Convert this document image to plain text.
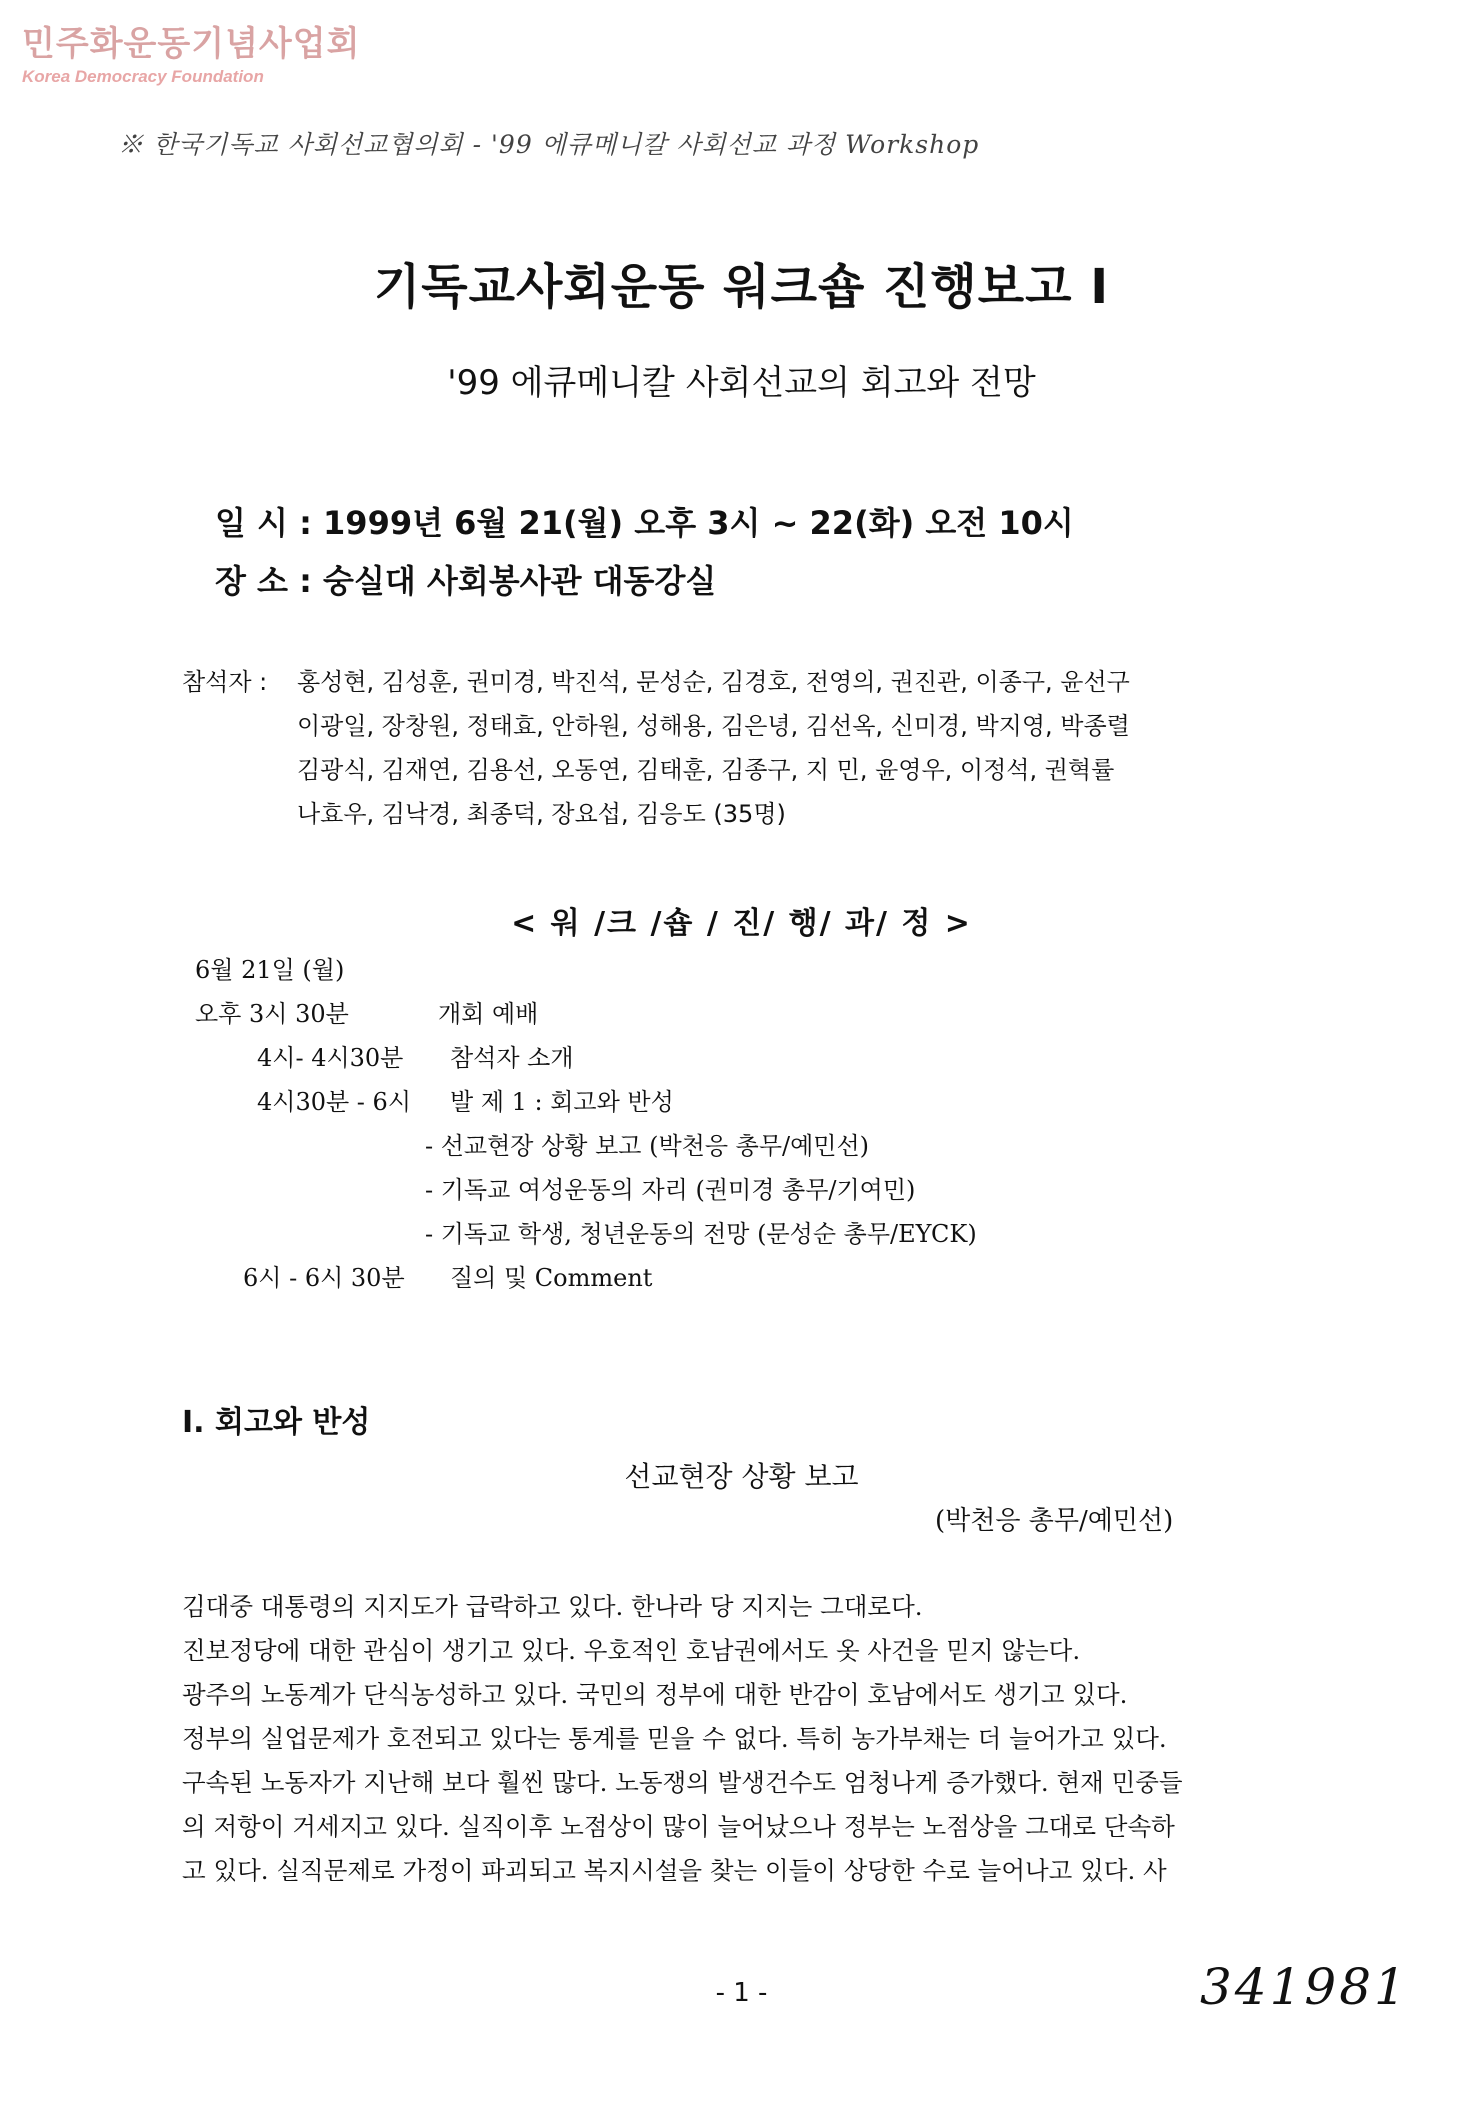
민주화운동기념사업회
Korea Democracy Foundation
※ 한국기독교 사회선교협의회 - '99 에큐메니칼 사회선교 과정 Workshop
기독교사회운동 워크숍 진행보고 I
'99 에큐메니칼 사회선교의 회고와 전망
일 시 : 1999년 6월 21(월) 오후 3시 ~ 22(화) 오전 10시
장 소 : 숭실대 사회봉사관 대동강실
참석자 : 홍성현, 김성훈, 권미경, 박진석, 문성순, 김경호, 전영의, 권진관, 이종구, 윤선구
이광일, 장창원, 정태효, 안하원, 성해용, 김은녕, 김선옥, 신미경, 박지영, 박종렬
김광식, 김재연, 김용선, 오동연, 김태훈, 김종구, 지 민, 윤영우, 이정석, 권혁률
나효우, 김낙경, 최종덕, 장요섭, 김응도 (35명)
< 워 /크 /숍 / 진/ 행/ 과/ 정 >
6월 21일 (월)
오후 3시 30분	개회 예배
4시- 4시30분 참석자 소개
4시30분 - 6시 발 제 1 : 회고와 반성
- 선교현장 상황 보고 (박천응 총무/예민선)
- 기독교 여성운동의 자리 (권미경 총무/기여민)
- 기독교 학생, 청년운동의 전망 (문성순 총무/EYCK)
6시 - 6시 30분 질의 및 Comment
I. 회고와 반성
선교현장 상황 보고
(박천응 총무/예민선)
김대중 대통령의 지지도가 급락하고 있다. 한나라 당 지지는 그대로다.
진보정당에 대한 관심이 생기고 있다. 우호적인 호남권에서도 옷 사건을 믿지 않는다.
광주의 노동계가 단식농성하고 있다. 국민의 정부에 대한 반감이 호남에서도 생기고 있다.
정부의 실업문제가 호전되고 있다는 통계를 믿을 수 없다. 특히 농가부채는 더 늘어가고 있다.
구속된 노동자가 지난해 보다 훨씬 많다. 노동쟁의 발생건수도 엄청나게 증가했다. 현재 민중들
의 저항이 거세지고 있다. 실직이후 노점상이 많이 늘어났으나 정부는 노점상을 그대로 단속하
고 있다. 실직문제로 가정이 파괴되고 복지시설을 찾는 이들이 상당한 수로 늘어나고 있다. 사
- 1 -	341981
